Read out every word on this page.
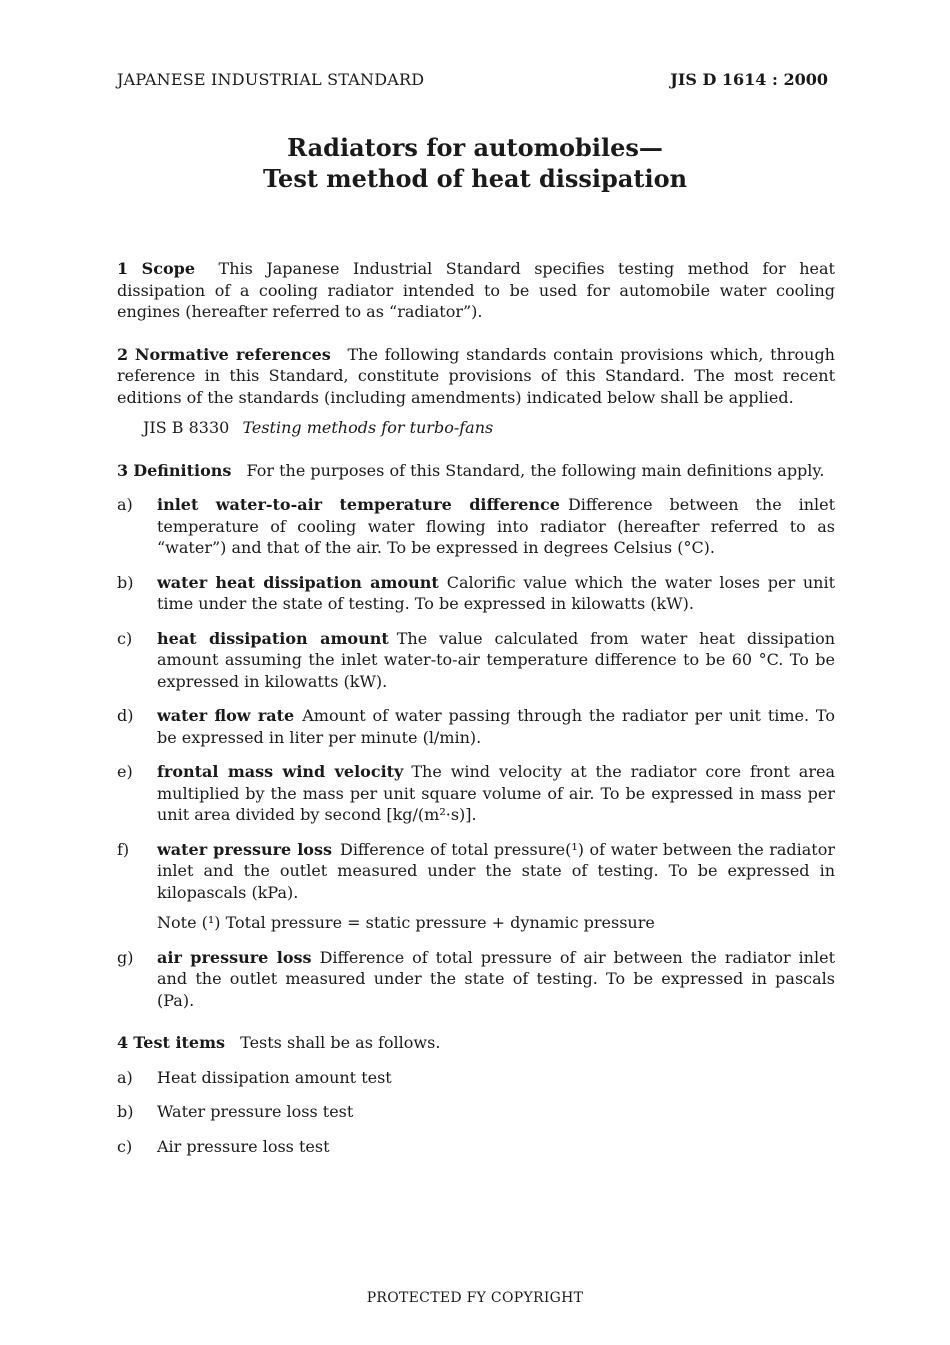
JAPANESE INDUSTRIAL STANDARD	JIS D 1614 : 2000
Radiators for automobiles—
Test method of heat dissipation

1 Scope This Japanese Industrial Standard specifies testing method for heat dissipation of a cooling radiator intended to be used for automobile water cooling engines (hereafter referred to as “radiator”).

2 Normative references The following standards contain provisions which, through reference in this Standard, constitute provisions of this Standard. The most recent editions of the standards (including amendments) indicated below shall be applied.

JIS B 8330 Testing methods for turbo-fans

3 Definitions For the purposes of this Standard, the following main definitions apply.

a)	inlet water-to-air temperature difference Difference between the inlet temperature of cooling water flowing into radiator (hereafter referred to as “water”) and that of the air. To be expressed in degrees Celsius (°C).
b)	water heat dissipation amount Calorific value which the water loses per unit time under the state of testing. To be expressed in kilowatts (kW).
c)	heat dissipation amount The value calculated from water heat dissipation amount assuming the inlet water-to-air temperature difference to be 60 °C. To be expressed in kilowatts (kW).
d)	water flow rate Amount of water passing through the radiator per unit time. To be expressed in liter per minute (l/min).
e)	frontal mass wind velocity The wind velocity at the radiator core front area multiplied by the mass per unit square volume of air. To be expressed in mass per unit area divided by second [kg/(m²·s)].
f)	water pressure loss Difference of total pressure(¹) of water between the radiator inlet and the outlet measured under the state of testing. To be expressed in kilopascals (kPa).
Note (¹) Total pressure = static pressure + dynamic pressure
g)	air pressure loss Difference of total pressure of air between the radiator inlet and the outlet measured under the state of testing. To be expressed in pascals (Pa).

4 Test items Tests shall be as follows.

a)	Heat dissipation amount test
b)	Water pressure loss test
c)	Air pressure loss test
PROTECTED FY COPYRIGHT
